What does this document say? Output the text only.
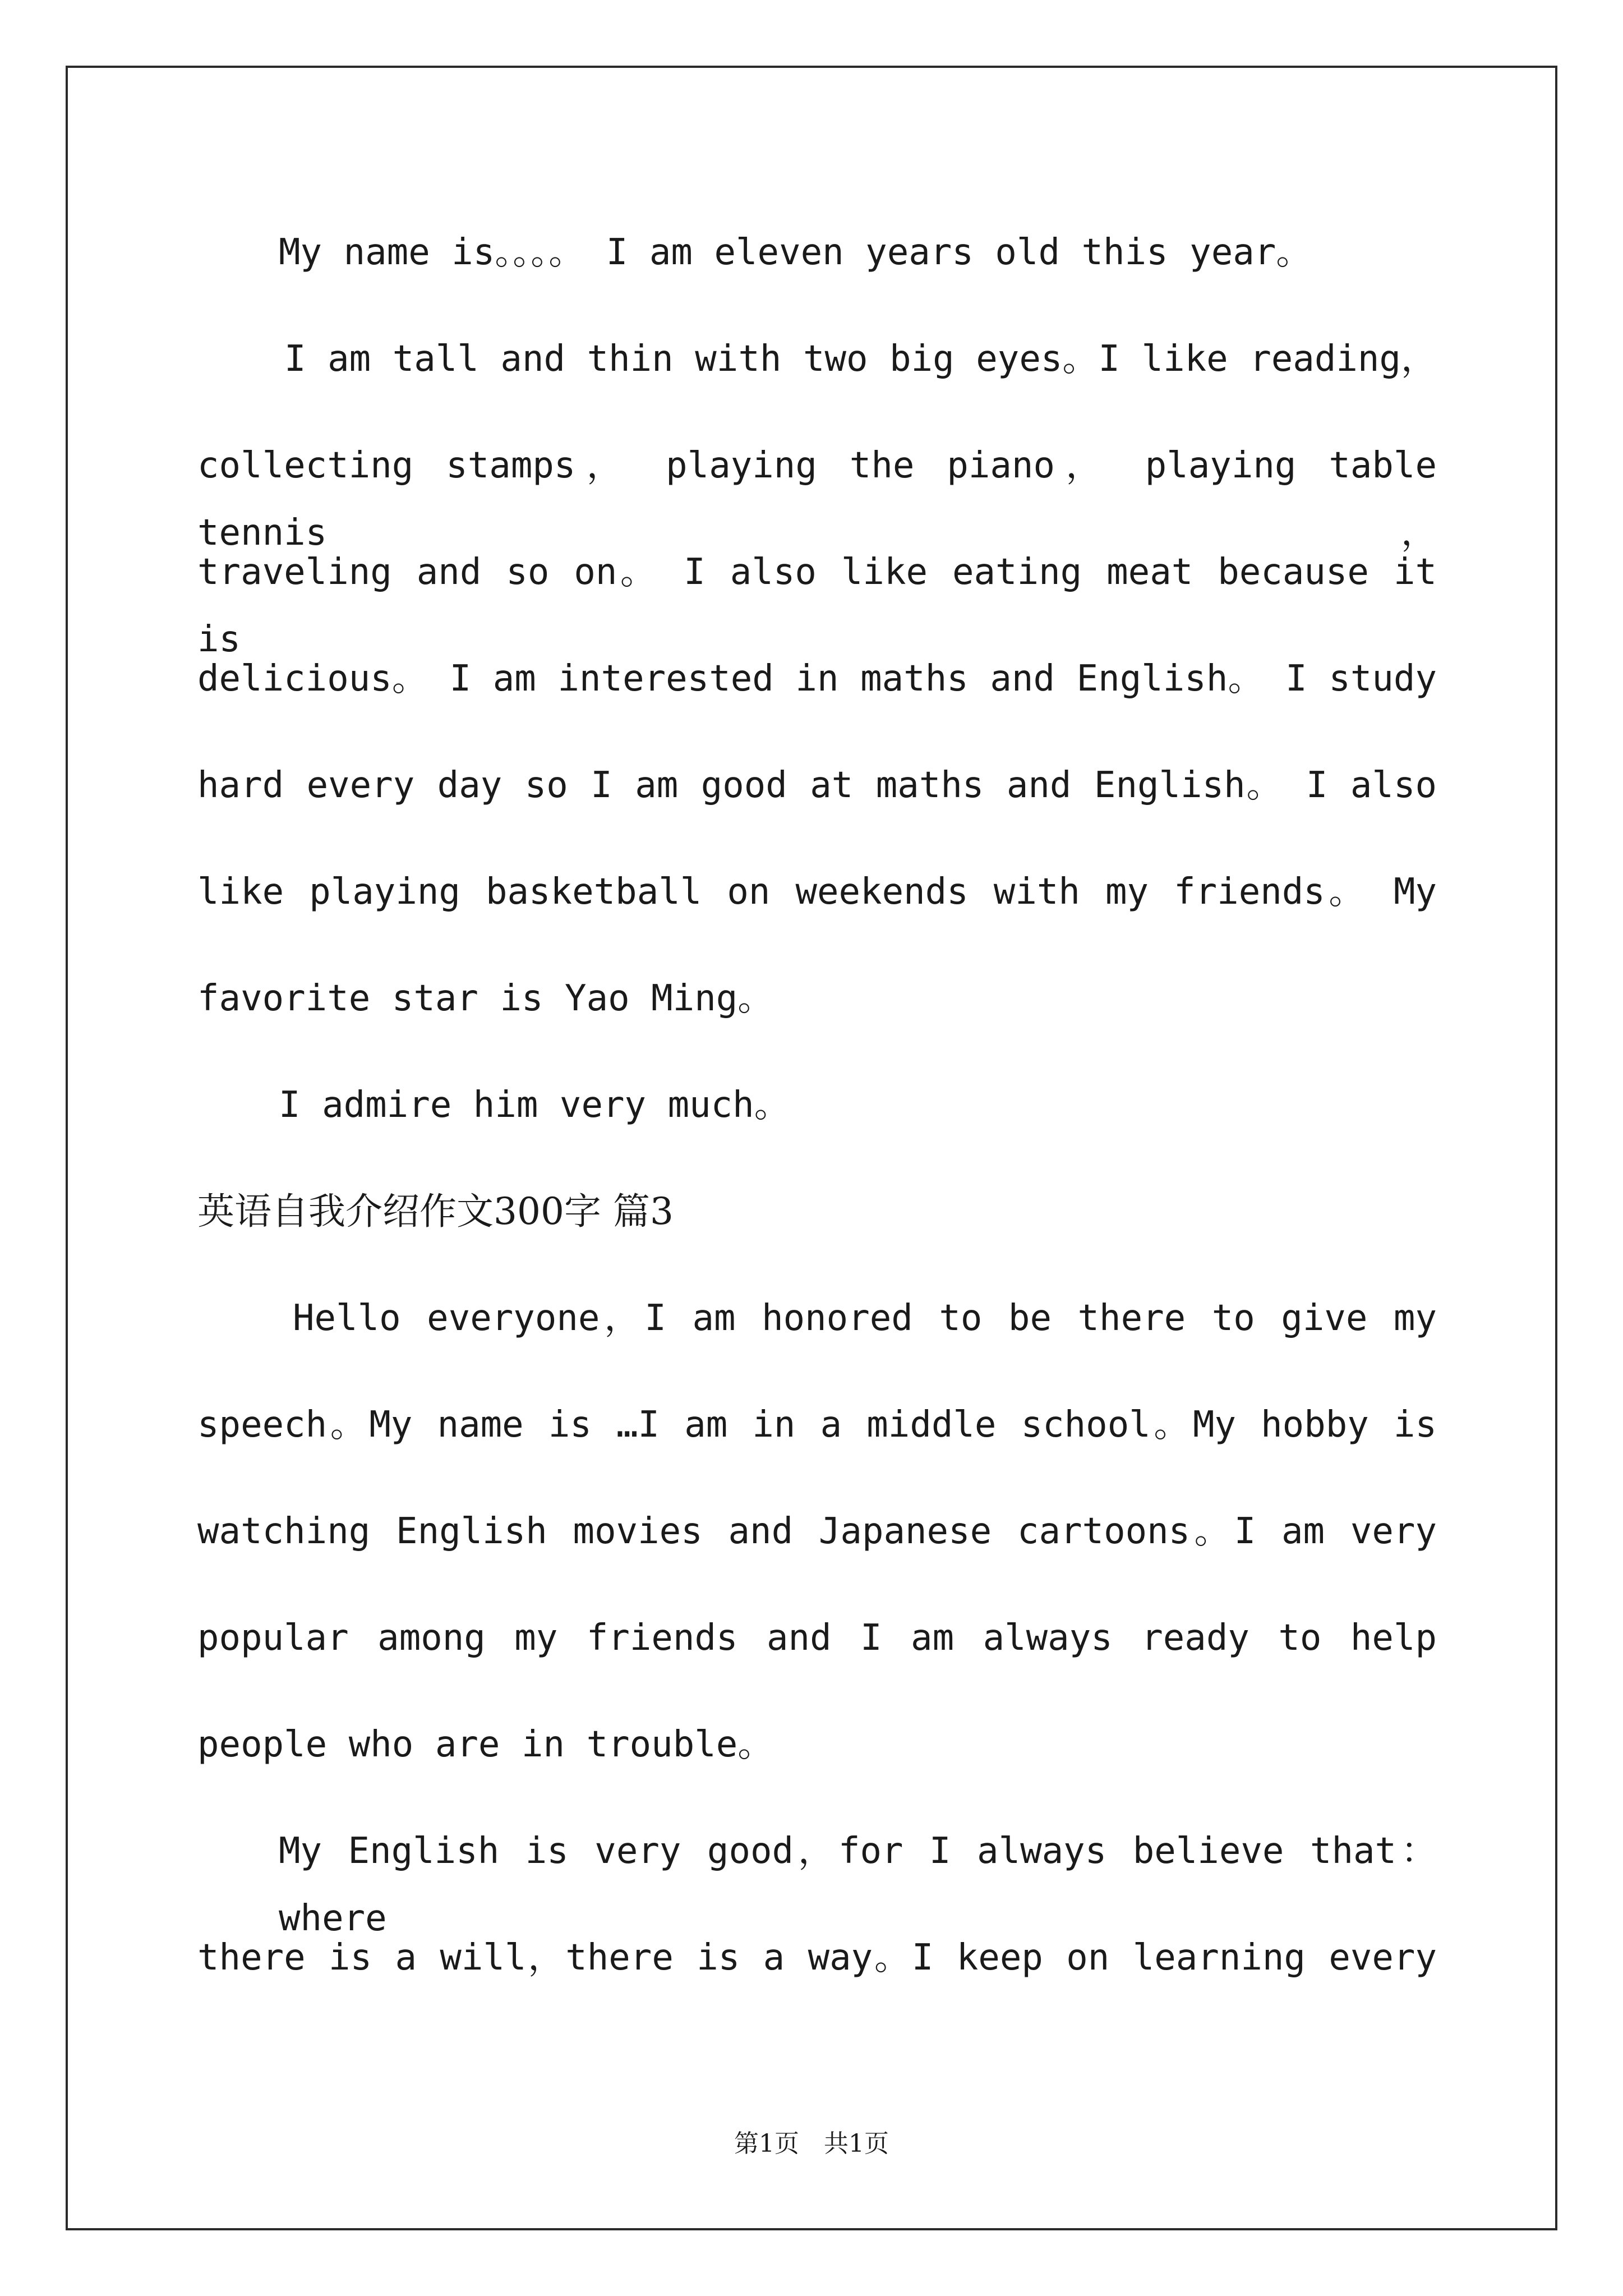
My name is。。。。 I am eleven years old this year。
I am tall and thin with two big eyes。I like reading，
collecting stamps， playing the piano， playing table tennis，
traveling and so on。 I also like eating meat because it is
delicious。 I am interested in maths and English。 I study
hard every day so I am good at maths and English。 I also
like playing basketball on weekends with my friends。 My
favorite star is Yao Ming。
I admire him very much。
英语自我介绍作文300字 篇3
Hello everyone，I am honored to be there to give my
speech。My name is …I am in a middle school。My hobby is
watching English movies and Japanese cartoons。I am very
popular among my friends and I am always ready to help
people who are in trouble。
My English is very good，for I always believe that：where
there is a will，there is a way。I keep on learning every
第1页　共1页
